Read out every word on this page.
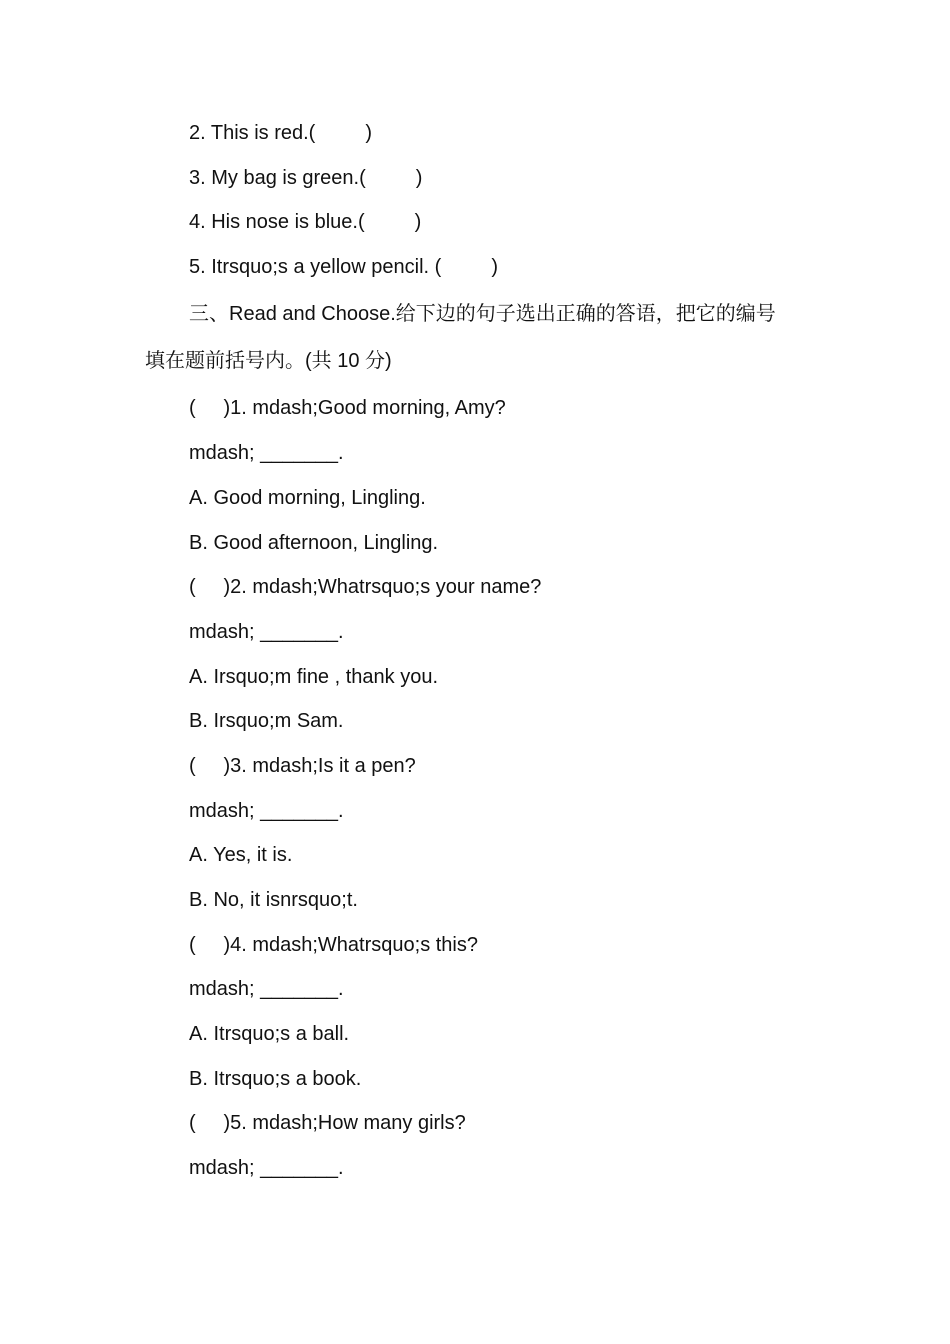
2. This is red.(         )
3. My bag is green.(         )
4. His nose is blue.(         )
5. Itrsquo;s a yellow pencil. (         )
三、Read and Choose.给下边的句子选出正确的答语，把它的编号
填在题前括号内。(共 10 分)
(     )1. mdash;Good morning, Amy?
mdash; _______.
A. Good morning, Lingling.
B. Good afternoon, Lingling.
(     )2. mdash;Whatrsquo;s your name?
mdash; _______.
A. Irsquo;m fine , thank you.
B. Irsquo;m Sam.
(     )3. mdash;Is it a pen?
mdash; _______.
A. Yes, it is.
B. No, it isnrsquo;t.
(     )4. mdash;Whatrsquo;s this?
mdash; _______.
A. Itrsquo;s a ball.
B. Itrsquo;s a book.
(     )5. mdash;How many girls?
mdash; _______.
